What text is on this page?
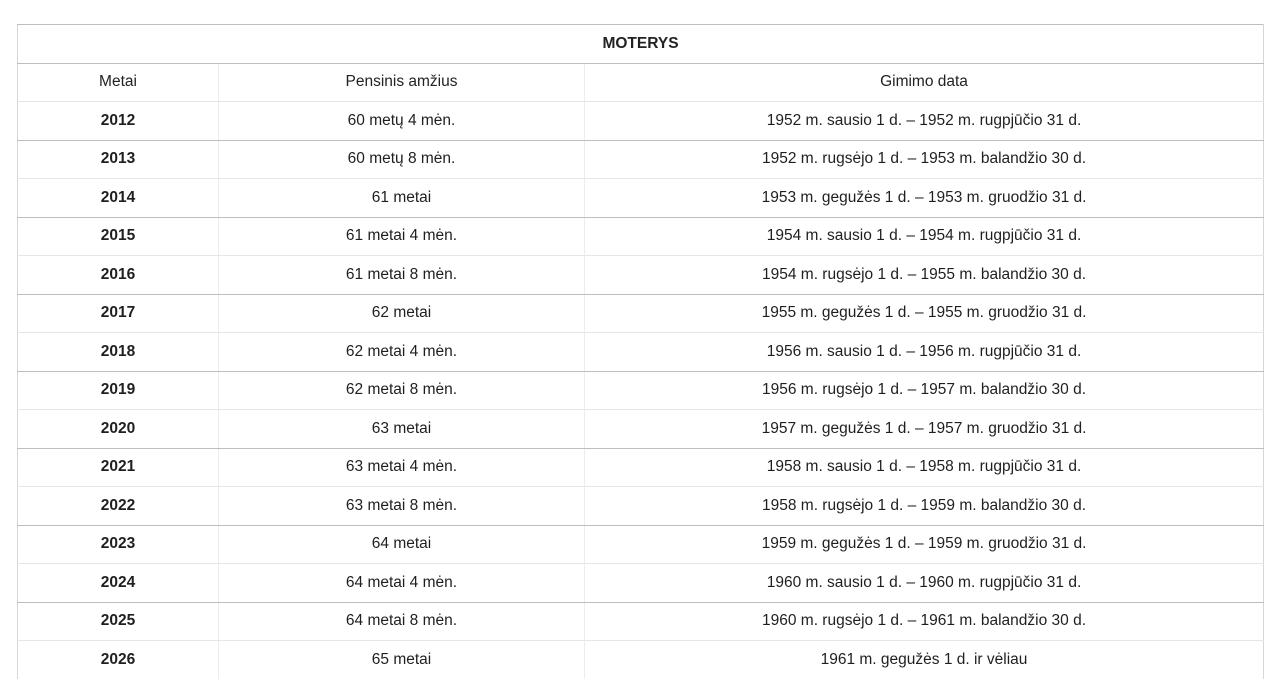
MOTERYS		
Metai	Pensinis amžius	Gimimo data
2012	60 metų 4 mėn.	1952 m. sausio 1 d. – 1952 m. rugpjūčio 31 d.
2013	60 metų 8 mėn.	1952 m. rugsėjo 1 d. – 1953 m. balandžio 30 d.
2014	61 metai	1953 m. gegužės 1 d. – 1953 m. gruodžio 31 d.
2015	61 metai 4 mėn.	1954 m. sausio 1 d. – 1954 m. rugpjūčio 31 d.
2016	61 metai 8 mėn.	1954 m. rugsėjo 1 d. – 1955 m. balandžio 30 d.
2017	62 metai	1955 m. gegužės 1 d. – 1955 m. gruodžio 31 d.
2018	62 metai 4 mėn.	1956 m. sausio 1 d. – 1956 m. rugpjūčio 31 d.
2019	62 metai 8 mėn.	1956 m. rugsėjo 1 d. – 1957 m. balandžio 30 d.
2020	63 metai	1957 m. gegužės 1 d. – 1957 m. gruodžio 31 d.
2021	63 metai 4 mėn.	1958 m. sausio 1 d. – 1958 m. rugpjūčio 31 d.
2022	63 metai 8 mėn.	1958 m. rugsėjo 1 d. – 1959 m. balandžio 30 d.
2023	64 metai	1959 m. gegužės 1 d. – 1959 m. gruodžio 31 d.
2024	64 metai 4 mėn.	1960 m. sausio 1 d. – 1960 m. rugpjūčio 31 d.
2025	64 metai 8 mėn.	1960 m. rugsėjo 1 d. – 1961 m. balandžio 30 d.
2026	65 metai	1961 m. gegužės 1 d. ir vėliau
